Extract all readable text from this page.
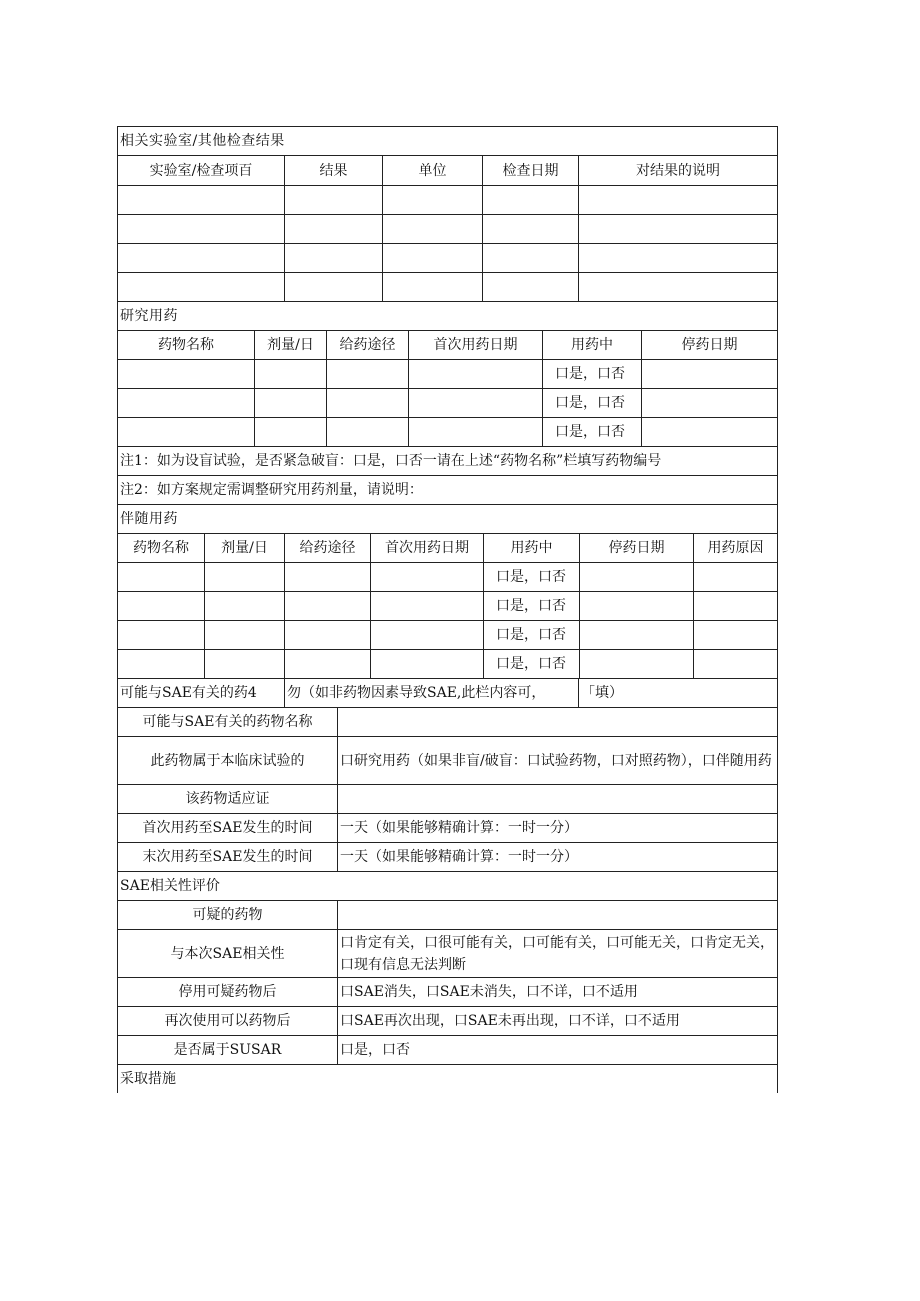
相关实验室/其他检查结果				
实验室/检查项百	结果	单位	检查日期	对结果的说明

研究用药					
药物名称	剂量/日	给药途径	首次用药日期	用药中	停药日期
				口是，口否	
				口是，口否	
				口是，口否	
注1：如为设盲试验，是否紧急破盲：口是，口否一请在上述“药物名称”栏填写药物编号					
注2：如方案规定需调整研究用药剂量，请说明：					
伴随用药						
药物名称	剂量/日	给药途径	首次用药日期	用药中	停药日期	用药原因
				口是，口否		
				口是，口否		
				口是，口否		
				口是，口否		
可能与SAE有关的药4	勿（如非药物因素导致SAE,此栏内容可，	「填）
可能与SAE有关的药物名称	
此药物属于本临床试验的	口研究用药（如果非盲/破盲：口试验药物，口对照药物），口伴随用药
该药物适应证	
首次用药至SAE发生的时间	一天（如果能够精确计算：一时一分）
末次用药至SAE发生的时间	一天（如果能够精确计算：一时一分）
SAE相关性评价	
可疑的药物	
与本次SAE相关性	口肯定有关，口很可能有关，口可能有关，口可能无关，口肯定无关，口现有信息无法判断
停用可疑药物后	口SAE消失，口SAE未消失，口不详，口不适用
再次使用可以药物后	口SAE再次出现，口SAE未再出现，口不详，口不适用
是否属于SUSAR	口是，口否
采取措施	
